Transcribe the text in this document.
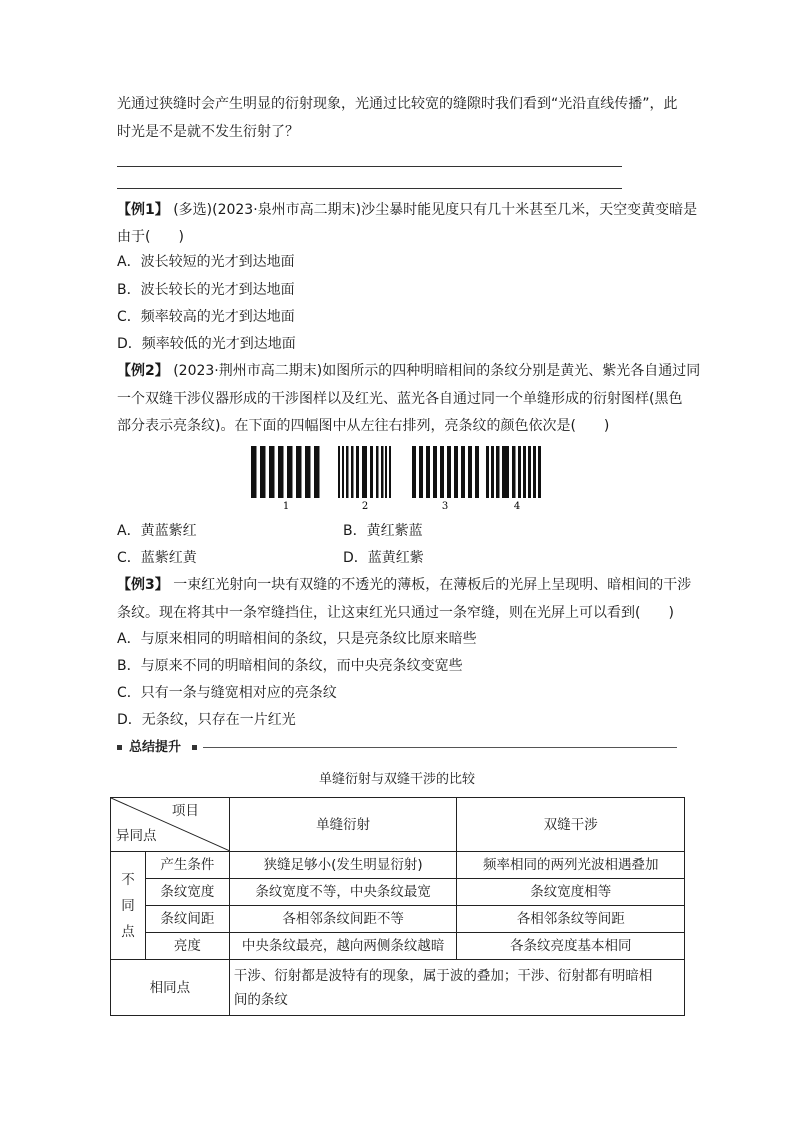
光通过狭缝时会产生明显的衍射现象，光通过比较宽的缝隙时我们看到“光沿直线传播”，此
时光是不是就不发生衍射了？
【例1】 (多选)(2023·泉州市高二期末)沙尘暴时能见度只有几十米甚至几米，天空变黄变暗是
由于(　　)
A．波长较短的光才到达地面
B．波长较长的光才到达地面
C．频率较高的光才到达地面
D．频率较低的光才到达地面
【例2】 (2023·荆州市高二期末)如图所示的四种明暗相间的条纹分别是黄光、紫光各自通过同
一个双缝干涉仪器形成的干涉图样以及红光、蓝光各自通过同一个单缝形成的衍射图样(黑色
部分表示亮条纹)。在下面的四幅图中从左往右排列，亮条纹的颜色依次是(　　)
1	2	3	4
A．黄蓝紫红	B．黄红紫蓝
C．蓝紫红黄	D．蓝黄红紫
【例3】 一束红光射向一块有双缝的不透光的薄板，在薄板后的光屏上呈现明、暗相间的干涉
条纹。现在将其中一条窄缝挡住，让这束红光只通过一条窄缝，则在光屏上可以看到(　　)
A．与原来相同的明暗相间的条纹，只是亮条纹比原来暗些
B．与原来不同的明暗相间的条纹，而中央亮条纹变宽些
C．只有一条与缝宽相对应的亮条纹
D．无条纹，只存在一片红光
总结提升
单缝衍射与双缝干涉的比较
项目
异同点		单缝衍射	双缝干涉
不
同
点	产生条件	狭缝足够小(发生明显衍射)	频率相同的两列光波相遇叠加
	条纹宽度	条纹宽度不等，中央条纹最宽	条纹宽度相等
	条纹间距	各相邻条纹间距不等	各相邻条纹等间距
	亮度	中央条纹最亮，越向两侧条纹越暗	各条纹亮度基本相同
相同点		干涉、衍射都是波特有的现象，属于波的叠加；干涉、衍射都有明暗相
间的条纹	
